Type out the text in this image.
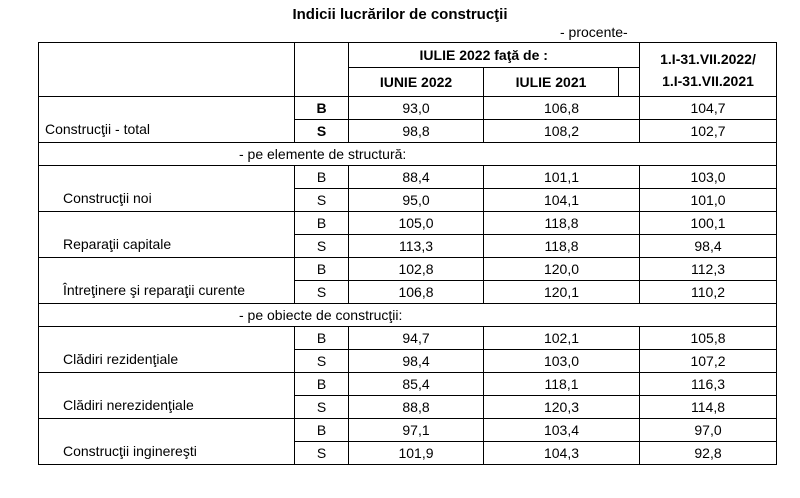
Indicii lucrărilor de construcţii
- procente-
		IULIE 2022 faţă de :			1.I-31.VII.2022/
1.I-31.VII.2021
		IUNIE 2022	IULIE 2021		
Construcţii - total	B	93,0	106,8		104,7
	S	98,8	108,2		102,7
- pe elemente de structură:					
Construcţii noi	B	88,4	101,1		103,0
	S	95,0	104,1		101,0
Reparaţii capitale	B	105,0	118,8		100,1
	S	113,3	118,8		98,4
Întreţinere şi reparaţii curente	B	102,8	120,0		112,3
	S	106,8	120,1		110,2
- pe obiecte de construcţii:					
Clădiri rezidenţiale	B	94,7	102,1		105,8
	S	98,4	103,0		107,2
Clădiri nerezidenţiale	B	85,4	118,1		116,3
	S	88,8	120,3		114,8
Construcţii inginereşti	B	97,1	103,4		97,0
	S	101,9	104,3		92,8
